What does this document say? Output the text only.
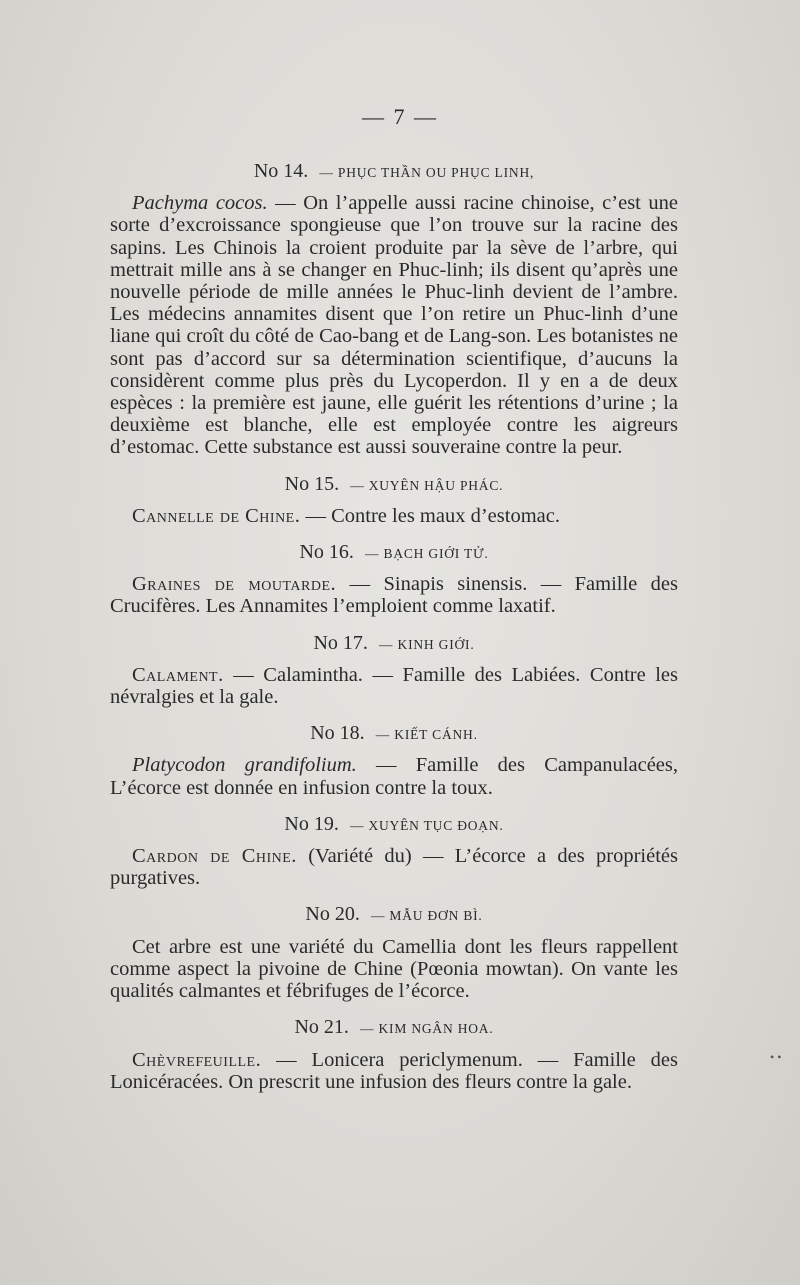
— 7 —
No 14. — PHỤC THẦN OU PHỤC LINH,

Pachyma cocos. — On l’appelle aussi racine chinoise, c’est une sorte d’excroissance spongieuse que l’on trouve sur la racine des sapins. Les Chinois la croient produite par la sève de l’arbre, qui mettrait mille ans à se changer en Phuc-linh; ils disent qu’après une nouvelle période de mille années le Phuc-linh devient de l’ambre. Les médecins annamites disent que l’on retire un Phuc-linh d’une liane qui croît du côté de Cao-bang et de Lang-son. Les botanistes ne sont pas d’accord sur sa détermination scientifique, d’aucuns la considèrent comme plus près du Lycoperdon. Il y en a de deux espèces : la première est jaune, elle guérit les rétentions d’urine ; la deuxième est blanche, elle est employée contre les aigreurs d’estomac. Cette substance est aussi souveraine contre la peur.

No 15. — XUYÊN HẬU PHÁC.

Cannelle de Chine. — Contre les maux d’estomac.

No 16. — BẠCH GIỚI TỬ.

Graines de moutarde. — Sinapis sinensis. — Famille des Crucifères. Les Annamites l’emploient comme laxatif.

No 17. — KINH GIỚI.

Calament. — Calamintha. — Famille des Labiées. Contre les névralgies et la gale.

No 18. — KIẾT CÁNH.

Platycodon grandifolium. — Famille des Campanulacées, L’écorce est donnée en infusion contre la toux.

No 19. — XUYÊN TỤC ĐOẠN.

Cardon de Chine. (Variété du) — L’écorce a des propriétés purgatives.

No 20. — MẪU ĐƠN BÌ.

Cet arbre est une variété du Camellia dont les fleurs rappellent comme aspect la pivoine de Chine (Pœonia mowtan). On vante les qualités calmantes et fébrifuges de l’écorce.

No 21. — KIM NGÂN HOA.

Chèvrefeuille. — Lonicera periclymenum. — Famille des Lonicéracées. On prescrit une infusion des fleurs contre la gale.

• •
